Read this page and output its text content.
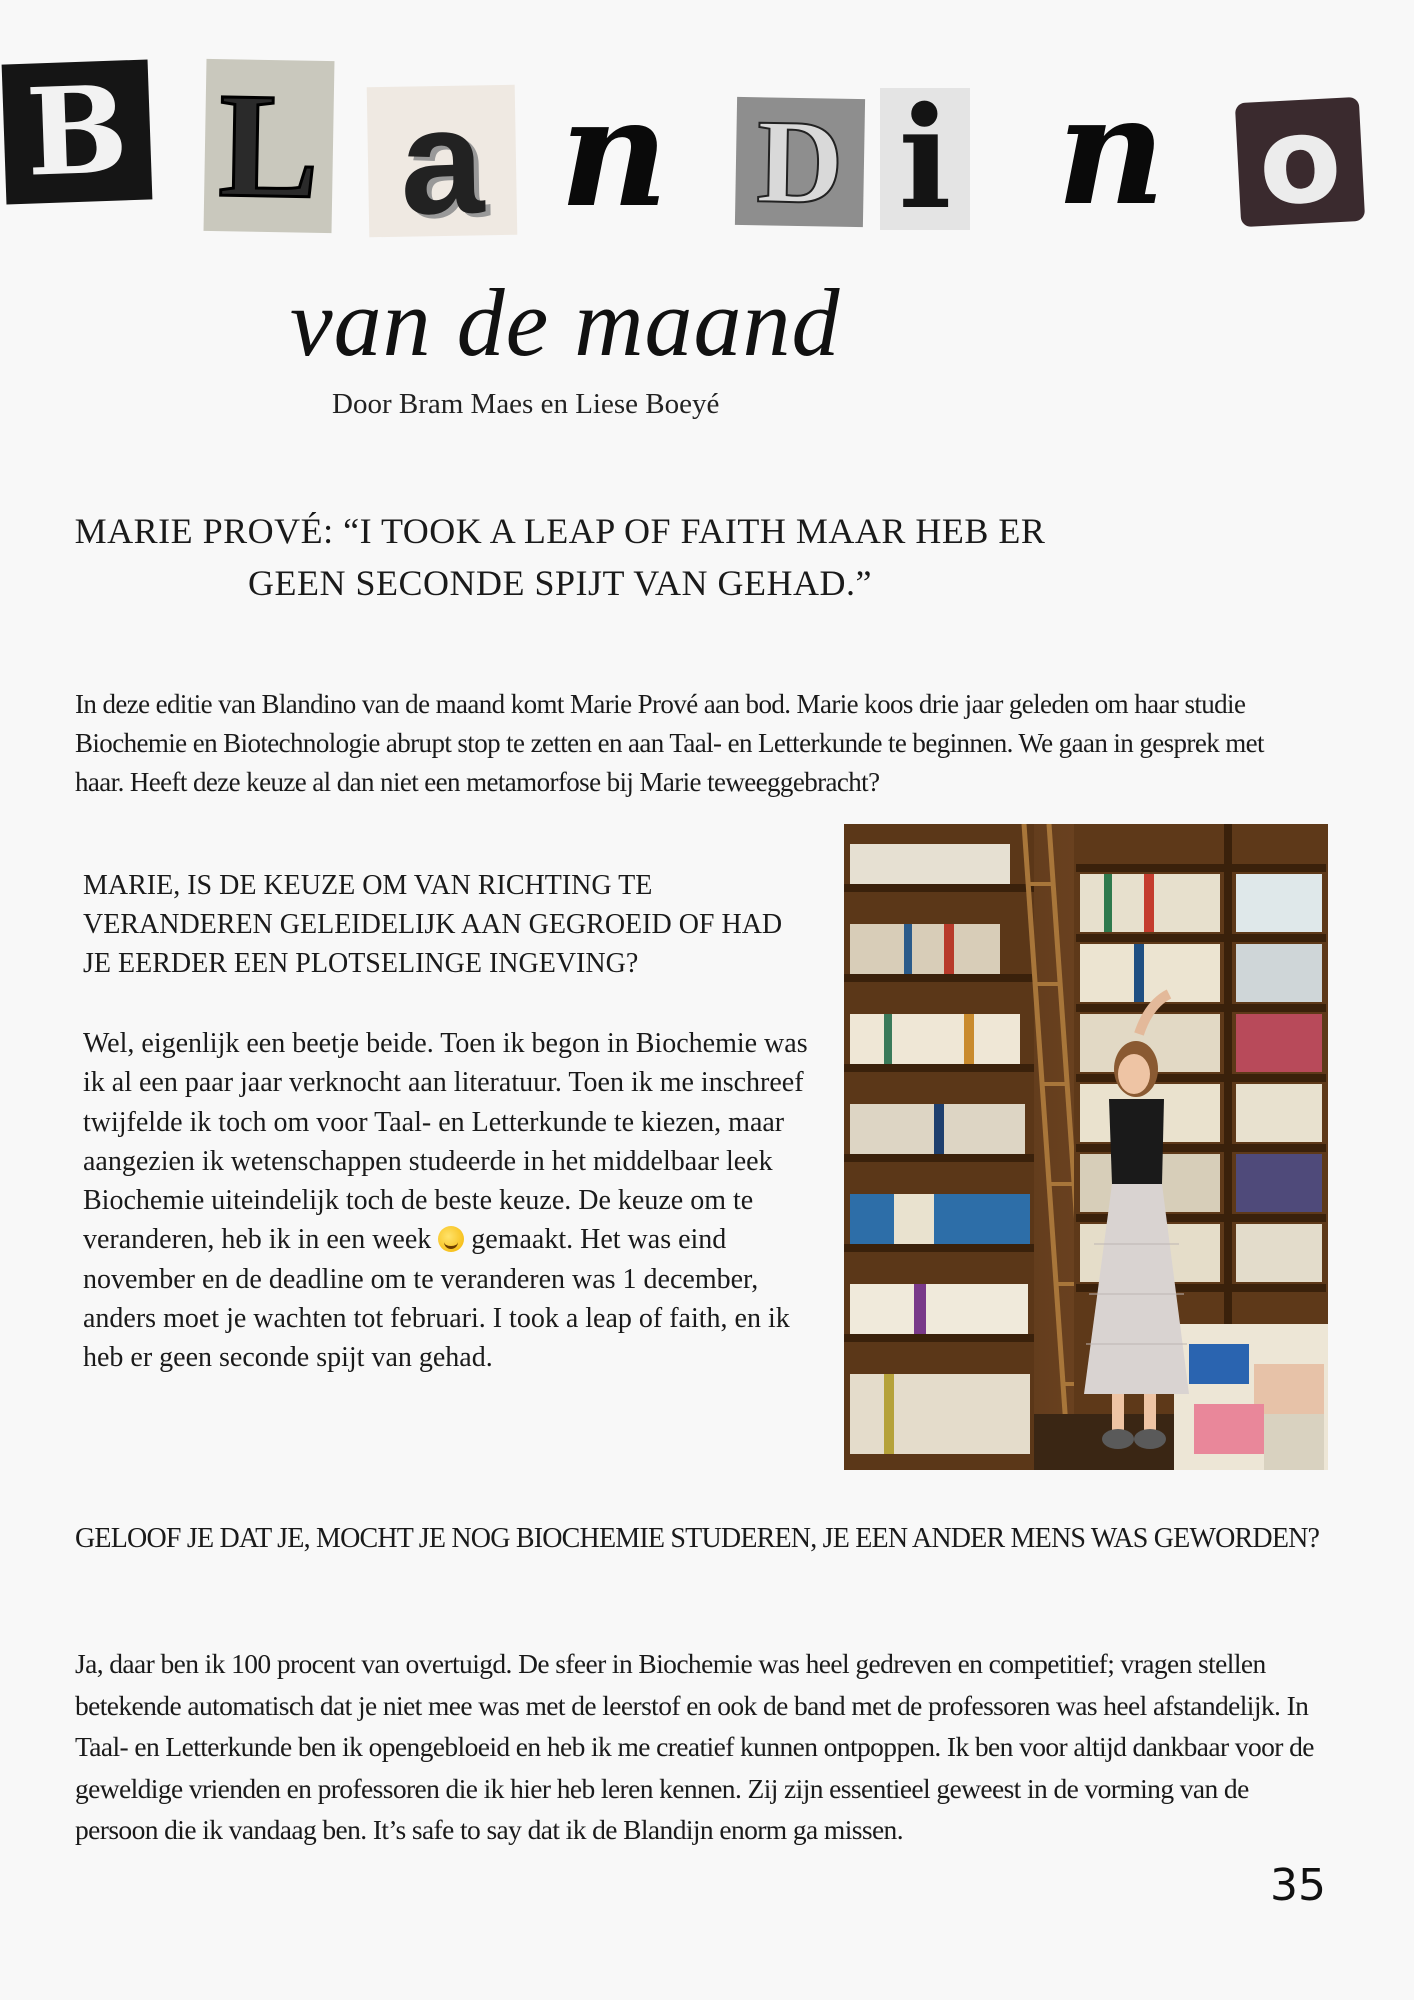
B L a n D i n o
van de maand
Door Bram Maes en Liese Boeyé
MARIE PROVÉ: “I TOOK A LEAP OF FAITH MAAR HEB ER GEEN SECONDE SPIJT VAN GEHAD.”

In deze editie van Blandino van de maand komt Marie Prové aan bod. Marie koos drie jaar geleden om haar studie Biochemie en Biotechnologie abrupt stop te zetten en aan Taal- en Letterkunde te beginnen. We gaan in gesprek met haar. Heeft deze keuze al dan niet een metamorfose bij Marie teweeggebracht?

MARIE, IS DE KEUZE OM VAN RICHTING TE VERANDEREN GELEIDELIJK AAN GEGROEID OF HAD JE EERDER EEN PLOTSELINGE INGEVING?

Wel, eigenlijk een beetje beide. Toen ik begon in Biochemie was ik al een paar jaar verknocht aan literatuur. Toen ik me inschreef twijfelde ik toch om voor Taal- en Letterkunde te kiezen, maar aangezien ik wetenschappen studeerde in het middelbaar leek Biochemie uiteindelijk toch de beste keuze. De keuze om te veranderen, heb ik in een week gemaakt. Het was eind november en de deadline om te veranderen was 1 december, anders moet je wachten tot februari. I took a leap of faith, en ik heb er geen seconde spijt van gehad.

GELOOF JE DAT JE, MOCHT JE NOG BIOCHEMIE STUDEREN, JE EEN ANDER MENS WAS GEWORDEN?

Ja, daar ben ik 100 procent van overtuigd. De sfeer in Biochemie was heel gedreven en competitief; vragen stellen betekende automatisch dat je niet mee was met de leerstof en ook de band met de professoren was heel afstandelijk. In Taal- en Letterkunde ben ik opengebloeid en heb ik me creatief kunnen ontpoppen. Ik ben voor altijd dankbaar voor de geweldige vrienden en professoren die ik hier heb leren kennen. Zij zijn essentieel geweest in de vorming van de persoon die ik vandaag ben. It’s safe to say dat ik de Blandijn enorm ga missen.

35
